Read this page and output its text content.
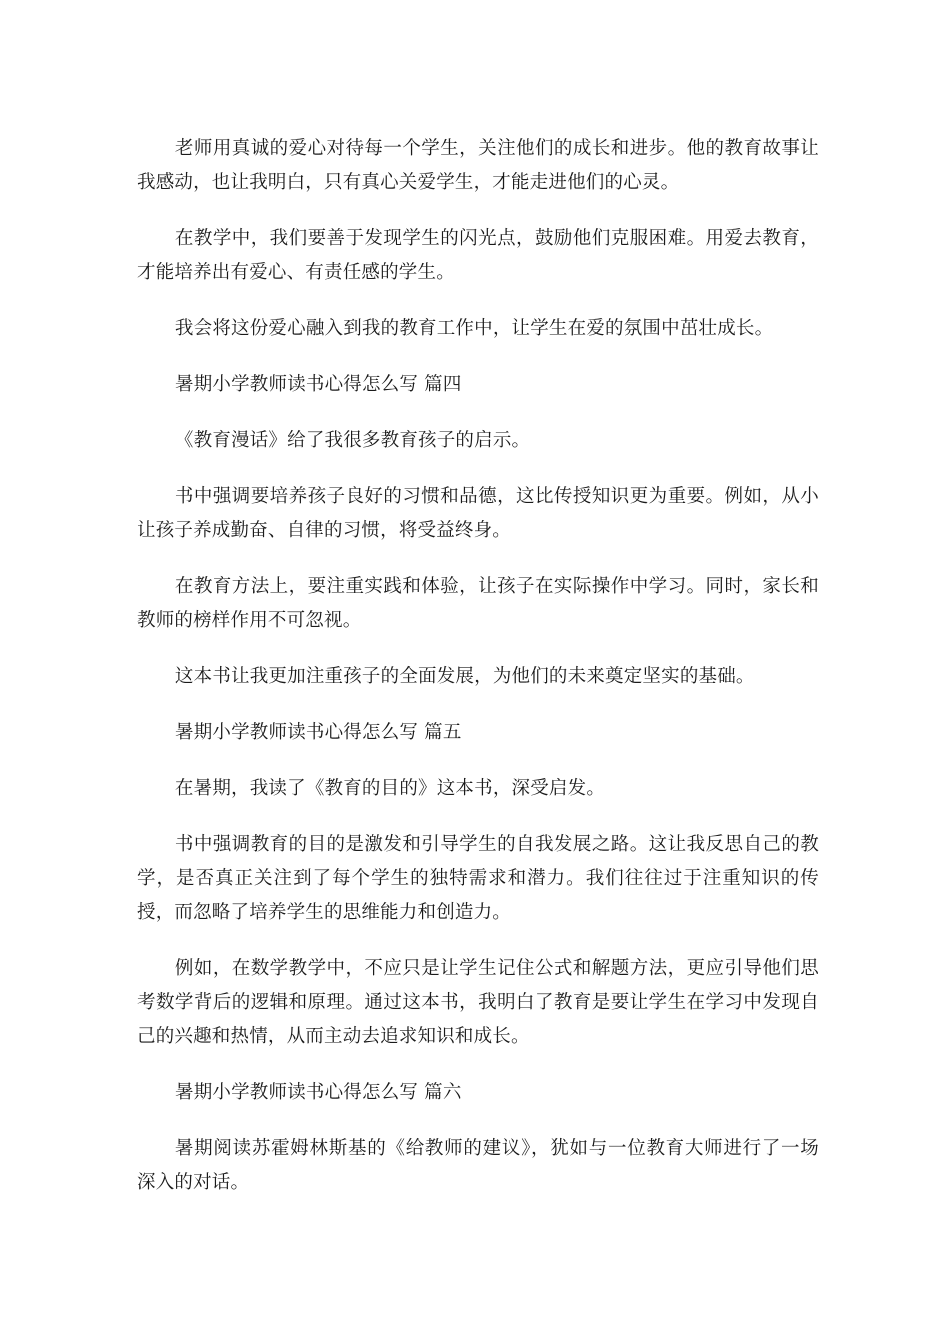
老师用真诚的爱心对待每一个学生，关注他们的成长和进步。他的教育故事让我感动，也让我明白，只有真心关爱学生，才能走进他们的心灵。

在教学中，我们要善于发现学生的闪光点，鼓励他们克服困难。用爱去教育，才能培养出有爱心、有责任感的学生。

我会将这份爱心融入到我的教育工作中，让学生在爱的氛围中茁壮成长。

暑期小学教师读书心得怎么写 篇四

《教育漫话》给了我很多教育孩子的启示。

书中强调要培养孩子良好的习惯和品德，这比传授知识更为重要。例如，从小让孩子养成勤奋、自律的习惯，将受益终身。

在教育方法上，要注重实践和体验，让孩子在实际操作中学习。同时，家长和教师的榜样作用不可忽视。

这本书让我更加注重孩子的全面发展，为他们的未来奠定坚实的基础。

暑期小学教师读书心得怎么写 篇五

在暑期，我读了《教育的目的》这本书，深受启发。

书中强调教育的目的是激发和引导学生的自我发展之路。这让我反思自己的教学，是否真正关注到了每个学生的独特需求和潜力。我们往往过于注重知识的传授，而忽略了培养学生的思维能力和创造力。

例如，在数学教学中，不应只是让学生记住公式和解题方法，更应引导他们思考数学背后的逻辑和原理。通过这本书，我明白了教育是要让学生在学习中发现自己的兴趣和热情，从而主动去追求知识和成长。

暑期小学教师读书心得怎么写 篇六

暑期阅读苏霍姆林斯基的《给教师的建议》，犹如与一位教育大师进行了一场深入的对话。
